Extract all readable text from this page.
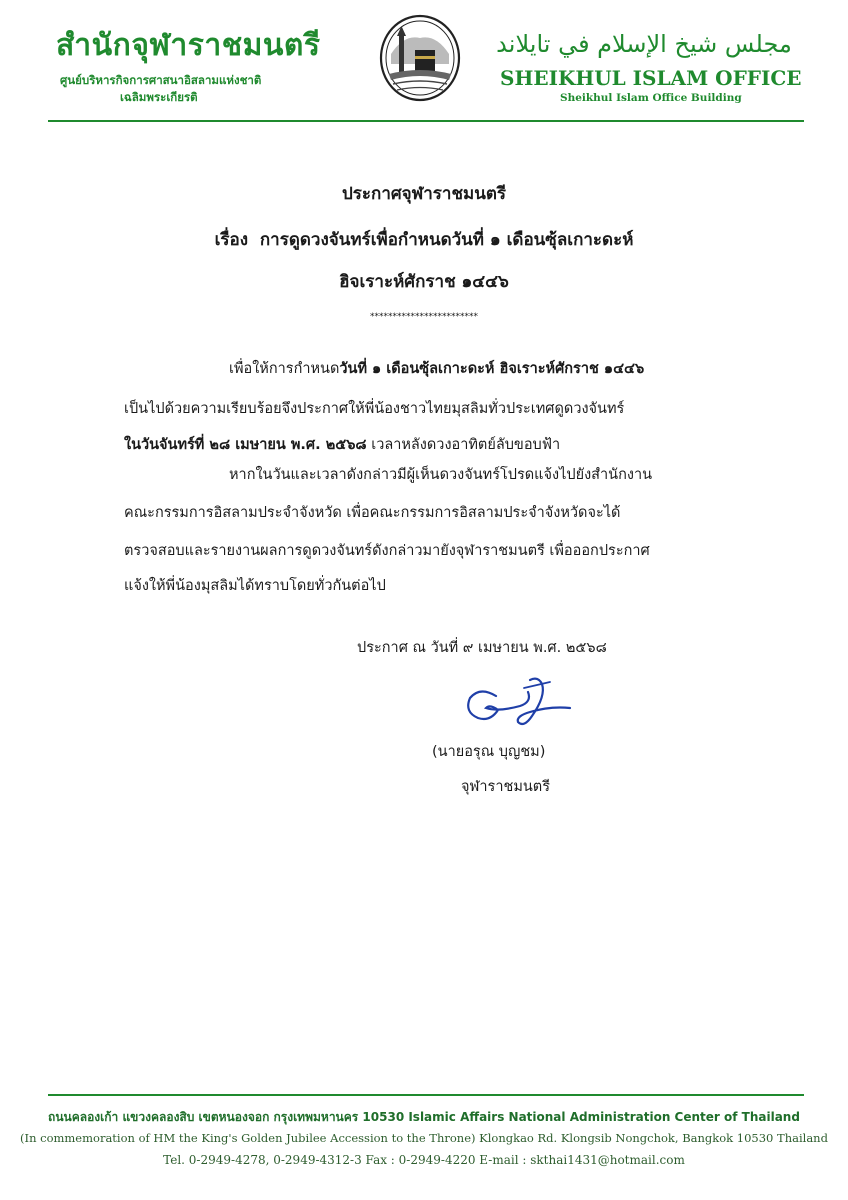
สำนักจุฬาราชมนตรี
ศูนย์บริหารกิจการศาสนาอิสลามแห่งชาติ
เฉลิมพระเกียรติ
مجلس شيخ الإسلام في تايلاند
SHEIKHUL ISLAM OFFICE
Sheikhul Islam Office Building
ประกาศจุฬาราชมนตรี
เรื่อง การดูดวงจันทร์เพื่อกำหนดวันที่ ๑ เดือนซุ้ลเกาะดะห์
ฮิจเราะห์ศักราช ๑๔๔๖
************************
เพื่อให้การกำหนดวันที่ ๑ เดือนซุ้ลเกาะดะห์ ฮิจเราะห์ศักราช ๑๔๔๖
เป็นไปด้วยความเรียบร้อยจึงประกาศให้พี่น้องชาวไทยมุสลิมทั่วประเทศดูดวงจันทร์
ในวันจันทร์ที่ ๒๘ เมษายน พ.ศ. ๒๕๖๘ เวลาหลังดวงอาทิตย์ลับขอบฟ้า
หากในวันและเวลาดังกล่าวมีผู้เห็นดวงจันทร์โปรดแจ้งไปยังสำนักงาน
คณะกรรมการอิสลามประจำจังหวัด เพื่อคณะกรรมการอิสลามประจำจังหวัดจะได้
ตรวจสอบและรายงานผลการดูดวงจันทร์ดังกล่าวมายังจุฬาราชมนตรี เพื่อออกประกาศ
แจ้งให้พี่น้องมุสลิมได้ทราบโดยทั่วกันต่อไป
ประกาศ ณ วันที่ ๙ เมษายน พ.ศ. ๒๕๖๘
(นายอรุณ บุญชม)
จุฬาราชมนตรี
ถนนคลองเก้า แขวงคลองสิบ เขตหนองจอก กรุงเทพมหานคร 10530 Islamic Affairs National Administration Center of Thailand
(In commemoration of HM the King's Golden Jubilee Accession to the Throne) Klongkao Rd. Klongsib Nongchok, Bangkok 10530 Thailand
Tel. 0-2949-4278, 0-2949-4312-3 Fax : 0-2949-4220 E-mail : skthai1431@hotmail.com
